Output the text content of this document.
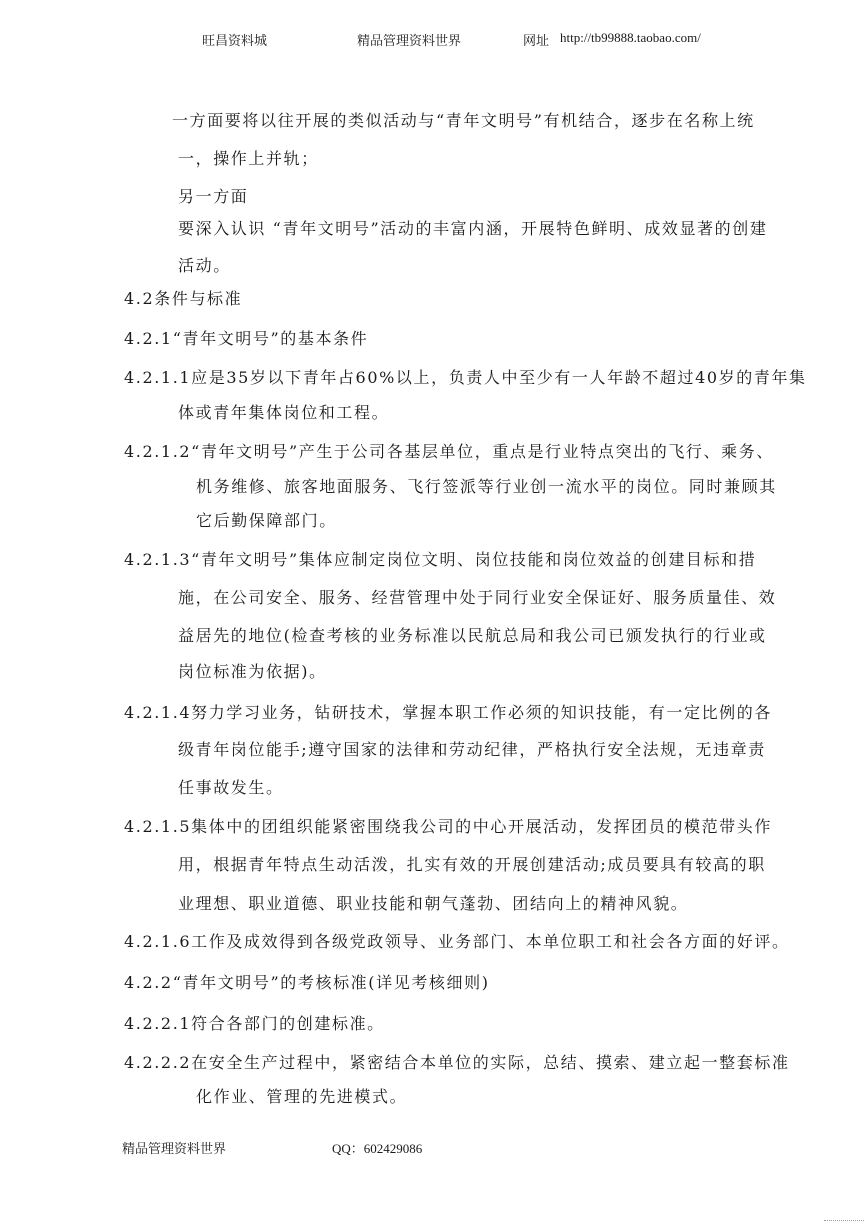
旺昌资料城	精品管理资料世界	网址 http://tb99888.taobao.com/
一方面要将以往开展的类似活动与“青年文明号”有机结合，逐步在名称上统
一，操作上并轨；
另一方面
要深入认识 “青年文明号”活动的丰富内涵，开展特色鲜明、成效显著的创建
活动。
4.2条件与标准
4.2.1“青年文明号”的基本条件
4.2.1.1应是35岁以下青年占60%以上，负责人中至少有一人年龄不超过40岁的青年集
体或青年集体岗位和工程。
4.2.1.2“青年文明号”产生于公司各基层单位，重点是行业特点突出的飞行、乘务、
机务维修、旅客地面服务、飞行签派等行业创一流水平的岗位。同时兼顾其
它后勤保障部门。
4.2.1.3“青年文明号”集体应制定岗位文明、岗位技能和岗位效益的创建目标和措
施，在公司安全、服务、经营管理中处于同行业安全保证好、服务质量佳、效
益居先的地位(检查考核的业务标准以民航总局和我公司已颁发执行的行业或
岗位标准为依据)。
4.2.1.4努力学习业务，钻研技术，掌握本职工作必须的知识技能，有一定比例的各
级青年岗位能手;遵守国家的法律和劳动纪律，严格执行安全法规，无违章责
任事故发生。
4.2.1.5集体中的团组织能紧密围绕我公司的中心开展活动，发挥团员的模范带头作
用，根据青年特点生动活泼，扎实有效的开展创建活动;成员要具有较高的职
业理想、职业道德、职业技能和朝气蓬勃、团结向上的精神风貌。
4.2.1.6工作及成效得到各级党政领导、业务部门、本单位职工和社会各方面的好评。
4.2.2“青年文明号”的考核标准(详见考核细则)
4.2.2.1符合各部门的创建标准。
4.2.2.2在安全生产过程中，紧密结合本单位的实际，总结、摸索、建立起一整套标准
化作业、管理的先进模式。
精品管理资料世界	QQ：602429086
